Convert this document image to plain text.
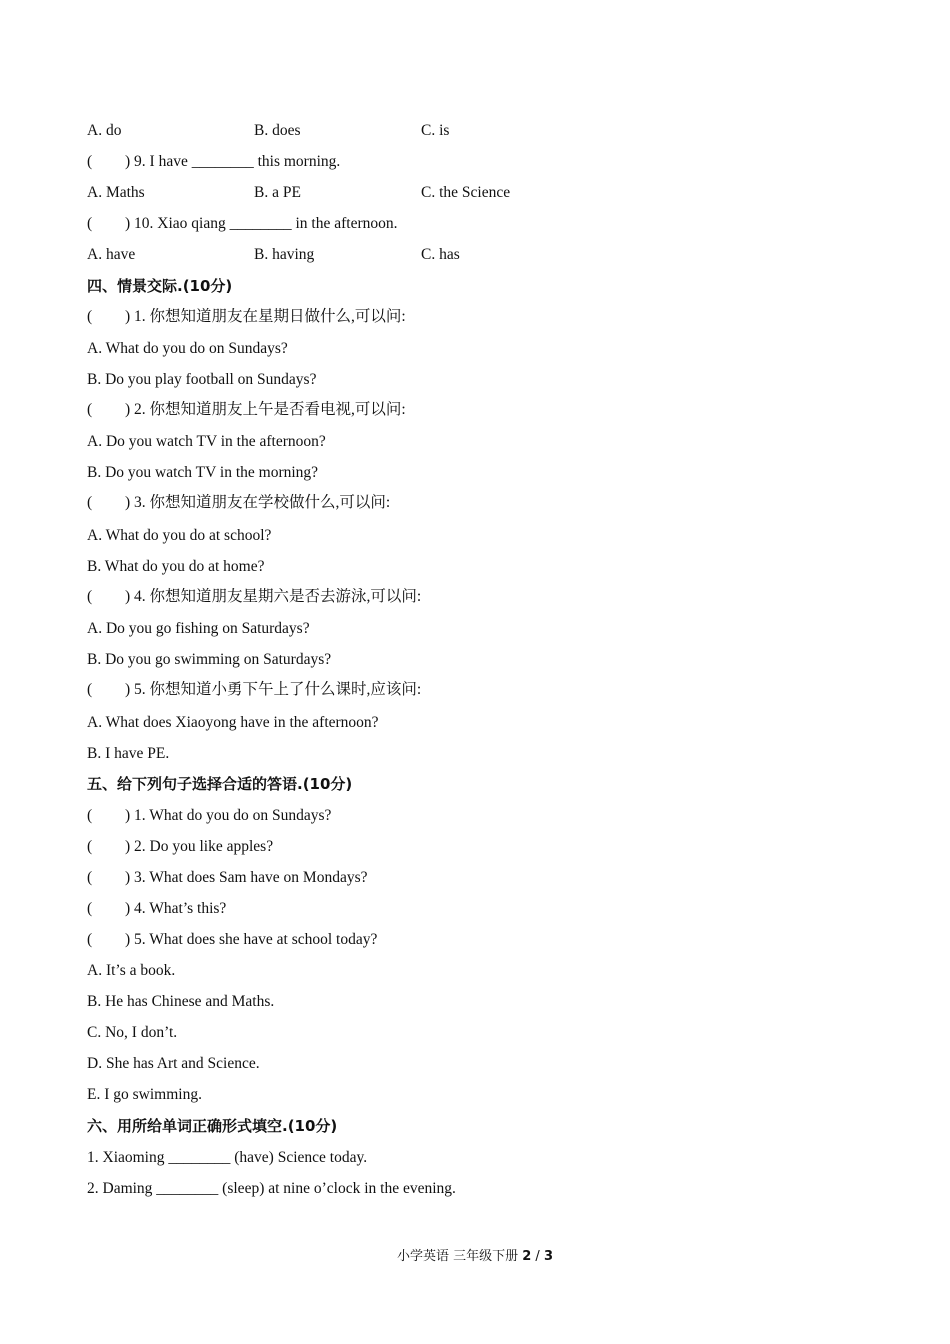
A. do	B. does	C. is
( ) 9. I have ________ this morning.
A. Maths	B. a PE	C. the Science
( ) 10. Xiao qiang ________ in the afternoon.
A. have	B. having	C. has
四、情景交际.(10分)
( ) 1. 你想知道朋友在星期日做什么,可以问:
A. What do you do on Sundays?
B. Do you play football on Sundays?
( ) 2. 你想知道朋友上午是否看电视,可以问:
A. Do you watch TV in the afternoon?
B. Do you watch TV in the morning?
( ) 3. 你想知道朋友在学校做什么,可以问:
A. What do you do at school?
B. What do you do at home?
( ) 4. 你想知道朋友星期六是否去游泳,可以问:
A. Do you go fishing on Saturdays?
B. Do you go swimming on Saturdays?
( ) 5. 你想知道小勇下午上了什么课时,应该问:
A. What does Xiaoyong have in the afternoon?
B. I have PE.
五、给下列句子选择合适的答语.(10分)
( ) 1. What do you do on Sundays?
( ) 2. Do you like apples?
( ) 3. What does Sam have on Mondays?
( ) 4. What’s this?
( ) 5. What does she have at school today?
A. It’s a book.
B. He has Chinese and Maths.
C. No, I don’t.
D. She has Art and Science.
E. I go swimming.
六、用所给单词正确形式填空.(10分)
1. Xiaoming ________ (have) Science today.
2. Daming ________ (sleep) at nine o’clock in the evening.
小学英语 三年级下册 2 / 3
